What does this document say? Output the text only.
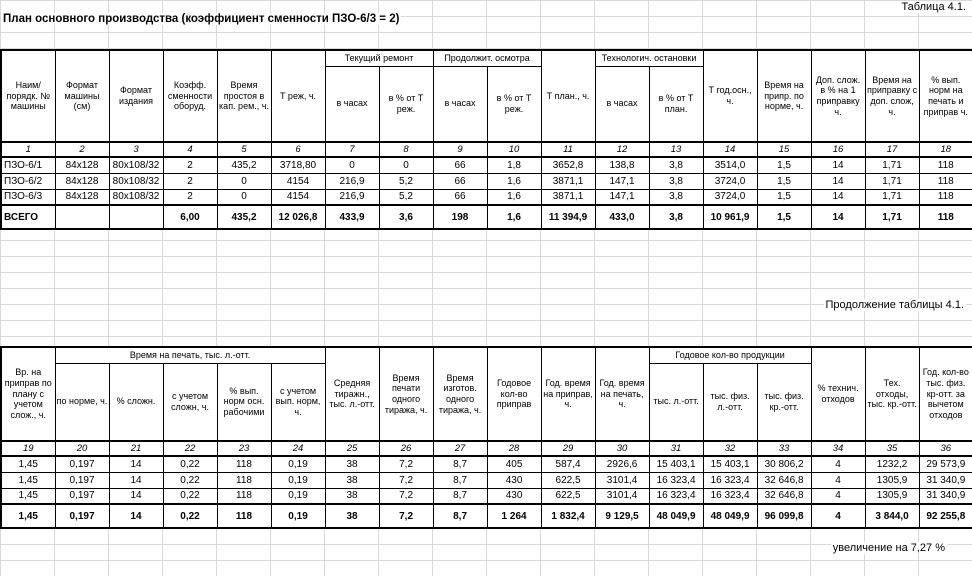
Таблица 4.1.
План основного производства (коэффициент сменности ПЗО-6/3 = 2)
Наим/ порядк. № машины	Формат машины (см)	Формат издания	Коэфф. сменности оборуд.	Время простоя в кап. рем., ч.	Т реж, ч.	Текущий ремонт		Продолжит. осмотра		Т план., ч.	Технологич. остановки		Т год.осн., ч.	Время на припр. по норме, ч.	Доп. слож. в % на 1 приправку ч.	Время на приправку с доп. слож, ч.	% вып. норм на печать и приправ ч.
						в часах	в % от Т реж.	в часах	в % от Т реж.		в часах	в % от Т план.					
1	2	3	4	5	6	7	8	9	10	11	12	13	14	15	16	17	18
ПЗО-6/1	84х128	80х108/32	2	435,2	3718,80	0	0	66	1,8	3652,8	138,8	3,8	3514,0	1,5	14	1,71	118
ПЗО-6/2	84х128	80х108/32	2	0	4154	216,9	5,2	66	1,6	3871,1	147,1	3,8	3724,0	1,5	14	1,71	118
ПЗО-6/3	84х128	80х108/32	2	0	4154	216,9	5,2	66	1,6	3871,1	147,1	3,8	3724,0	1,5	14	1,71	118
ВСЕГО			6,00	435,2	12 026,8	433,9	3,6	198	1,6	11 394,9	433,0	3,8	10 961,9	1,5	14	1,71	118
Продолжение таблицы 4.1.
Вр. на приправ по плану с учетом слож., ч.	Время на печать, тыс. л.-отт.					Средняя тиражн., тыс. л.-отт.	Время печати одного тиража, ч.	Время изготов. одного тиража, ч.	Годовое кол-во приправ	Год. время на приправ, ч.	Год. время на печать, ч.	Годовое кол-во продукции			% технич. отходов	Тех. отходы, тыс. кр.-отт.	Год. кол-во тыс. физ. кр-отт. за вычетом отходов
	по норме, ч.	% сложн.	с учетом сложн, ч.	% вып. норм осн. рабочими	с учетом вып. норм, ч.							тыс. л.-отт.	тыс. физ. л.-отт.	тыс. физ. кр.-отт.			
19	20	21	22	23	24	25	26	27	28	29	30	31	32	33	34	35	36
1,45	0,197	14	0,22	118	0,19	38	7,2	8,7	405	587,4	2926,6	15 403,1	15 403,1	30 806,2	4	1232,2	29 573,9
1,45	0,197	14	0,22	118	0,19	38	7,2	8,7	430	622,5	3101,4	16 323,4	16 323,4	32 646,8	4	1305,9	31 340,9
1,45	0,197	14	0,22	118	0,19	38	7,2	8,7	430	622,5	3101,4	16 323,4	16 323,4	32 646,8	4	1305,9	31 340,9
1,45	0,197	14	0,22	118	0,19	38	7,2	8,7	1 264	1 832,4	9 129,5	48 049,9	48 049,9	96 099,8	4	3 844,0	92 255,8
увеличение на 7,27 %
